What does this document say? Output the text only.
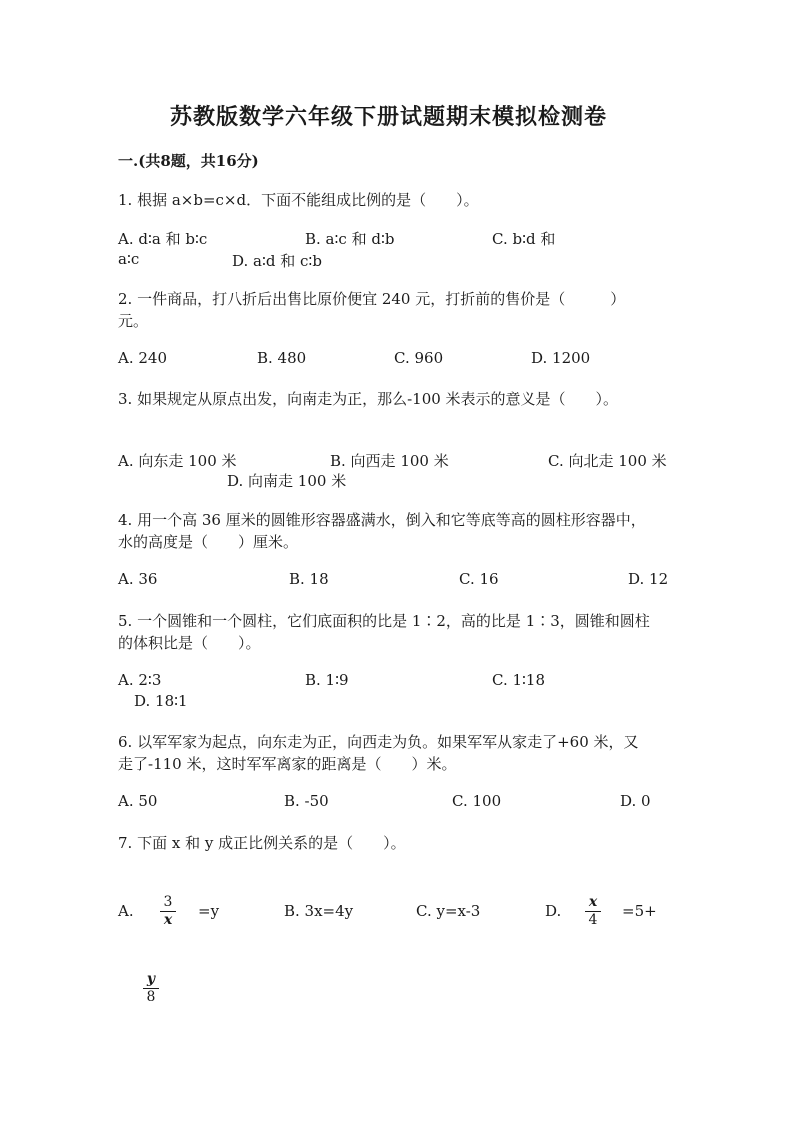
苏教版数学六年级下册试题期末模拟检测卷
一.(共8题，共16分)
1. 根据 a×b=c×d．下面不能组成比例的是（　　）。
A. d∶a 和 b∶c	B. a∶c 和 d∶b	C. b∶d 和
a∶c	D. a∶d 和 c∶b
2. 一件商品，打八折后出售比原价便宜 240 元，打折前的售价是（　　　）
元。
A. 240	B. 480	C. 960	D. 1200
3. 如果规定从原点出发，向南走为正，那么-100 米表示的意义是（　　）。
A. 向东走 100 米	B. 向西走 100 米	C. 向北走 100 米
D. 向南走 100 米
4. 用一个高 36 厘米的圆锥形容器盛满水，倒入和它等底等高的圆柱形容器中，
水的高度是（　　）厘米。
A. 36	B. 18	C. 16	D. 12
5. 一个圆锥和一个圆柱，它们底面积的比是 1∶2，高的比是 1∶3，圆锥和圆柱
的体积比是（　　）。
A. 2∶3	B. 1∶9	C. 1∶18
D. 18∶1
6. 以军军家为起点，向东走为正，向西走为负。如果军军从家走了+60 米，又
走了-110 米，这时军军离家的距离是（　　）米。
A. 50	B. -50	C. 100	D. 0
7. 下面 x 和 y 成正比例关系的是（　　）。
A. 3
x =y	B. 3x=4y	C. y=x-3	D. x
4 =5+
y
8
